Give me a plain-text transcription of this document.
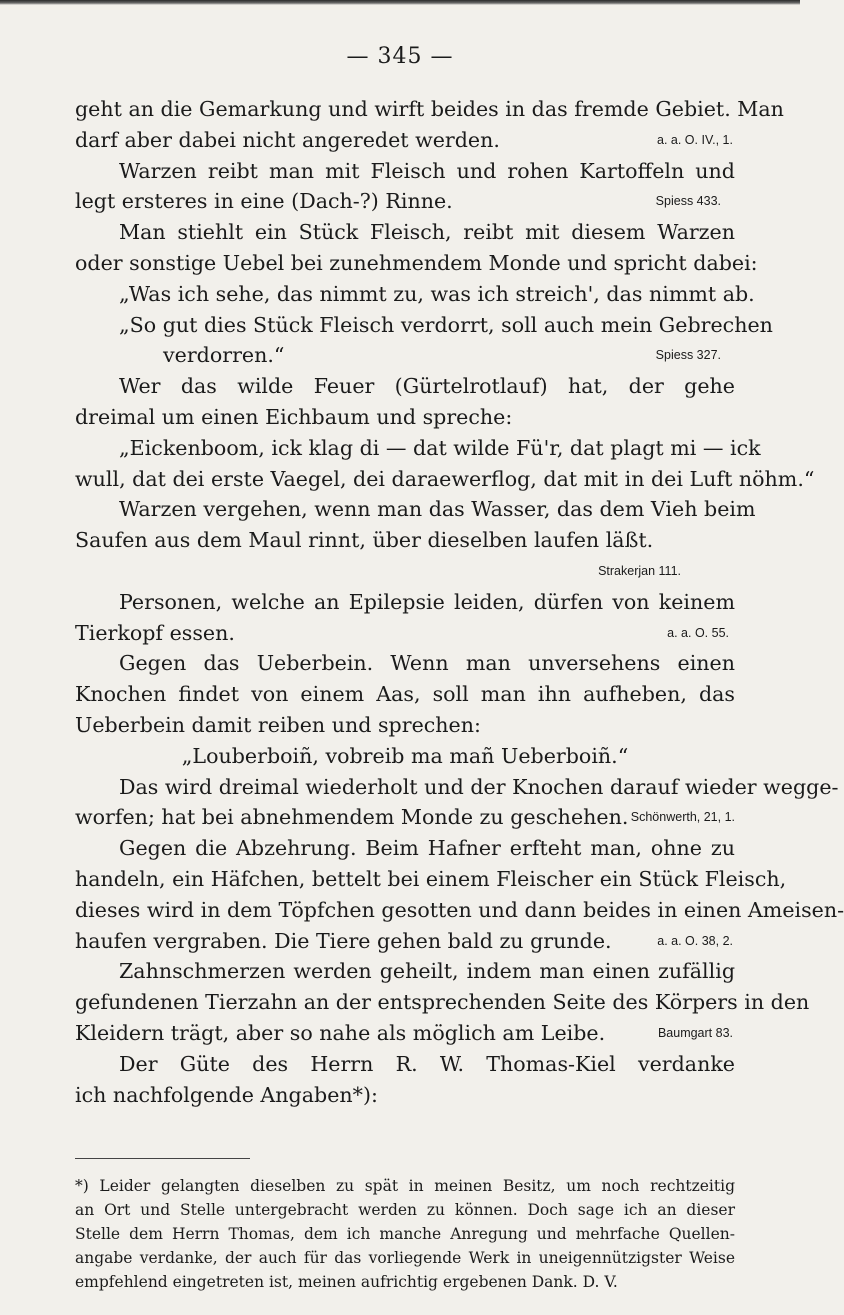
— 345 —
geht an die Gemarkung und wirft beides in das fremde Gebiet. Man
darf aber dabei nicht angeredet werden.	a. a. O. IV., 1.
Warzen reibt man mit Fleisch und rohen Kartoffeln und
legt ersteres in eine (Dach-?) Rinne.	Spiess 433.
Man stiehlt ein Stück Fleisch, reibt mit diesem Warzen
oder sonstige Uebel bei zunehmendem Monde und spricht dabei:
„Was ich sehe, das nimmt zu, was ich streich', das nimmt ab.
„So gut dies Stück Fleisch verdorrt, soll auch mein Gebrechen
verdorren.“	Spiess 327.
Wer das wilde Feuer (Gürtelrotlauf) hat, der gehe
dreimal um einen Eichbaum und spreche:
„Eickenboom, ick klag di — dat wilde Fü'r, dat plagt mi — ick
wull, dat dei erste Vaegel, dei daraewerflog, dat mit in dei Luft nöhm.“
Warzen vergehen, wenn man das Wasser, das dem Vieh beim
Saufen aus dem Maul rinnt, über dieselben laufen läßt.
Strakerjan 111.
Personen, welche an Epilepsie leiden, dürfen von keinem
Tierkopf essen.	a. a. O. 55.
Gegen das Ueberbein. Wenn man unversehens einen
Knochen findet von einem Aas, soll man ihn aufheben, das
Ueberbein damit reiben und sprechen:
„Louberboiñ, vobreib ma mañ Ueberboiñ.“
Das wird dreimal wiederholt und der Knochen darauf wieder wegge-
worfen; hat bei abnehmendem Monde zu geschehen. Schönwerth, 21, 1.
Gegen die Abzehrung. Beim Hafner erfteht man, ohne zu
handeln, ein Häfchen, bettelt bei einem Fleischer ein Stück Fleisch,
dieses wird in dem Töpfchen gesotten und dann beides in einen Ameisen-
haufen vergraben. Die Tiere gehen bald zu grunde.	a. a. O. 38, 2.
Zahnschmerzen werden geheilt, indem man einen zufällig
gefundenen Tierzahn an der entsprechenden Seite des Körpers in den
Kleidern trägt, aber so nahe als möglich am Leibe.	Baumgart 83.
Der Güte des Herrn R. W. Thomas-Kiel verdanke
ich nachfolgende Angaben*):
*) Leider gelangten dieselben zu spät in meinen Besitz, um noch rechtzeitig
an Ort und Stelle untergebracht werden zu können. Doch sage ich an dieser
Stelle dem Herrn Thomas, dem ich manche Anregung und mehrfache Quellen-
angabe verdanke, der auch für das vorliegende Werk in uneigennützigster Weise
empfehlend eingetreten ist, meinen aufrichtig ergebenen Dank. D. V.
